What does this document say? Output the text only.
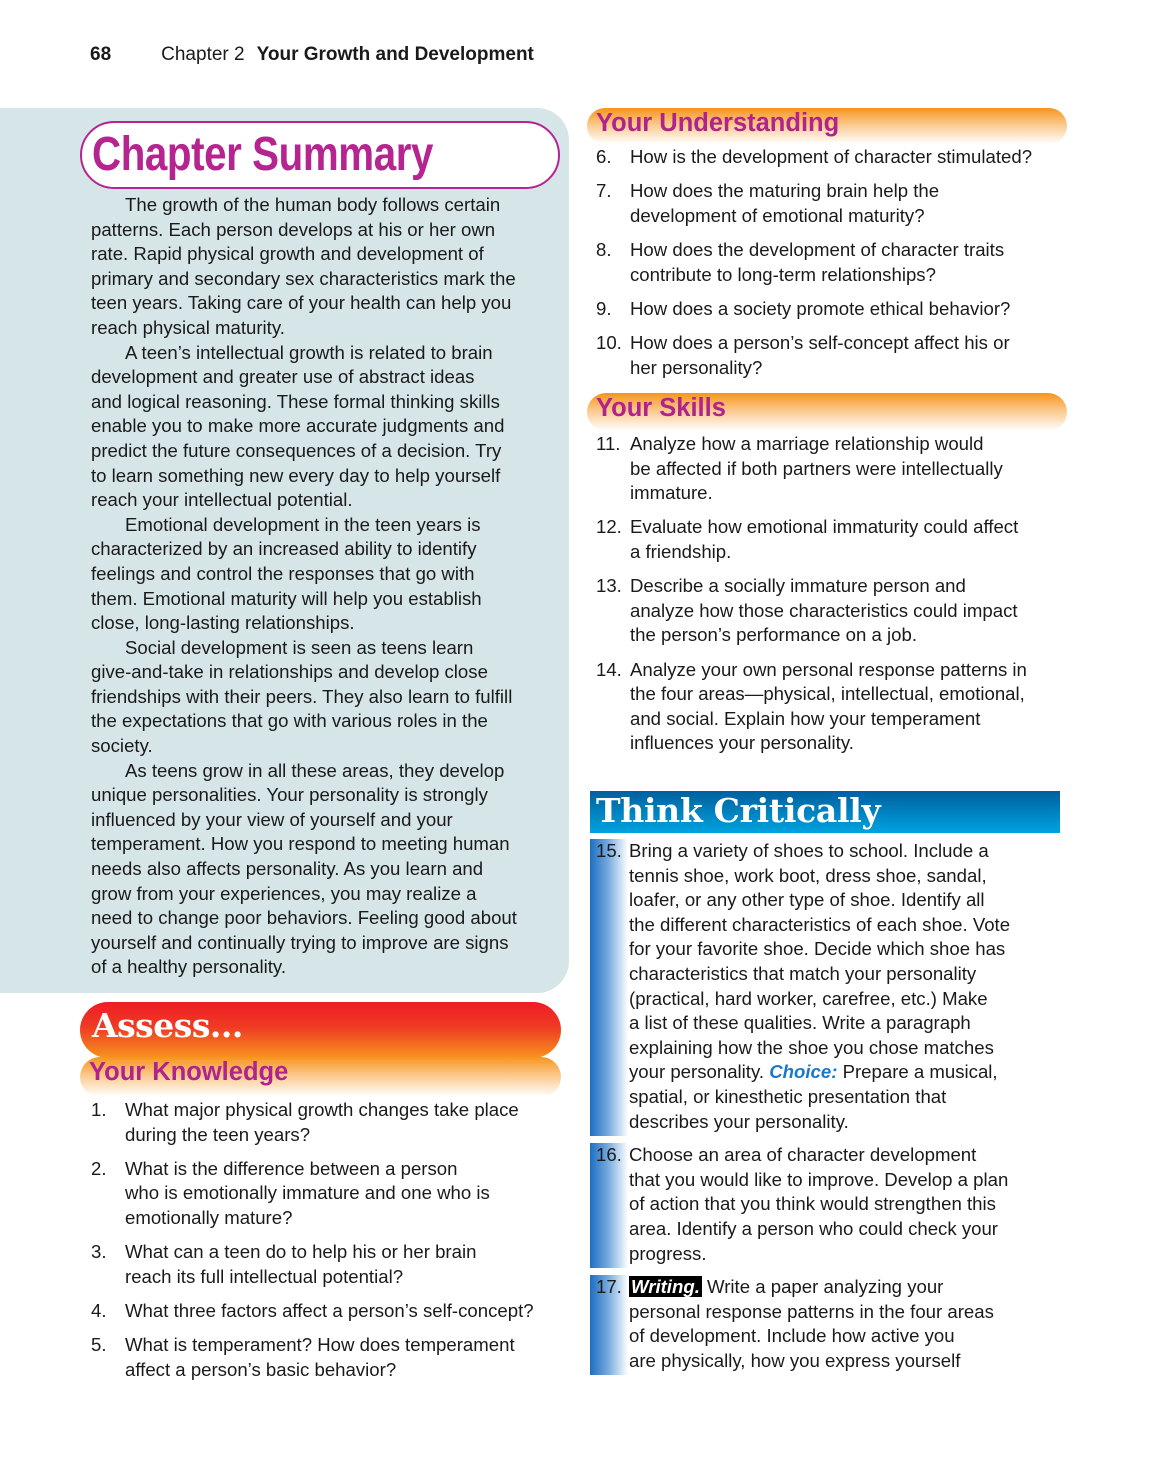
68	Chapter 2 Your Growth and Development
Chapter Summary
The growth of the human body follows certain
patterns. Each person develops at his or her own
rate. Rapid physical growth and development of
primary and secondary sex characteristics mark the
teen years. Taking care of your health can help you
reach physical maturity.
A teen’s intellectual growth is related to brain
development and greater use of abstract ideas
and logical reasoning. These formal thinking skills
enable you to make more accurate judgments and
predict the future consequences of a decision. Try
to learn something new every day to help yourself
reach your intellectual potential.
Emotional development in the teen years is
characterized by an increased ability to identify
feelings and control the responses that go with
them. Emotional maturity will help you establish
close, long-lasting relationships.
Social development is seen as teens learn
give-and-take in relationships and develop close
friendships with their peers. They also learn to fulfill
the expectations that go with various roles in the
society.
As teens grow in all these areas, they develop
unique personalities. Your personality is strongly
influenced by your view of yourself and your
temperament. How you respond to meeting human
needs also affects personality. As you learn and
grow from your experiences, you may realize a
need to change poor behaviors. Feeling good about
yourself and continually trying to improve are signs
of a healthy personality.
Assess...
Your Knowledge
1. What major physical growth changes take place
during the teen years?
2. What is the difference between a person
who is emotionally immature and one who is
emotionally mature?
3. What can a teen do to help his or her brain
reach its full intellectual potential?
4. What three factors affect a person’s self-concept?
5. What is temperament? How does temperament
affect a person’s basic behavior?
Your Understanding
6. How is the development of character stimulated?
7. How does the maturing brain help the
development of emotional maturity?
8. How does the development of character traits
contribute to long-term relationships?
9. How does a society promote ethical behavior?
10. How does a person’s self-concept affect his or
her personality?
Your Skills
11. Analyze how a marriage relationship would
be affected if both partners were intellectually
immature.
12. Evaluate how emotional immaturity could affect
a friendship.
13. Describe a socially immature person and
analyze how those characteristics could impact
the person’s performance on a job.
14. Analyze your own personal response patterns in
the four areas—physical, intellectual, emotional,
and social. Explain how your temperament
influences your personality.
Think Critically
15. Bring a variety of shoes to school. Include a
tennis shoe, work boot, dress shoe, sandal,
loafer, or any other type of shoe. Identify all
the different characteristics of each shoe. Vote
for your favorite shoe. Decide which shoe has
characteristics that match your personality
(practical, hard worker, carefree, etc.) Make
a list of these qualities. Write a paragraph
explaining how the shoe you chose matches
your personality. Choice: Prepare a musical,
spatial, or kinesthetic presentation that
describes your personality.
16. Choose an area of character development
that you would like to improve. Develop a plan
of action that you think would strengthen this
area. Identify a person who could check your
progress.
17. Writing. Write a paper analyzing your
personal response patterns in the four areas
of development. Include how active you
are physically, how you express yourself
